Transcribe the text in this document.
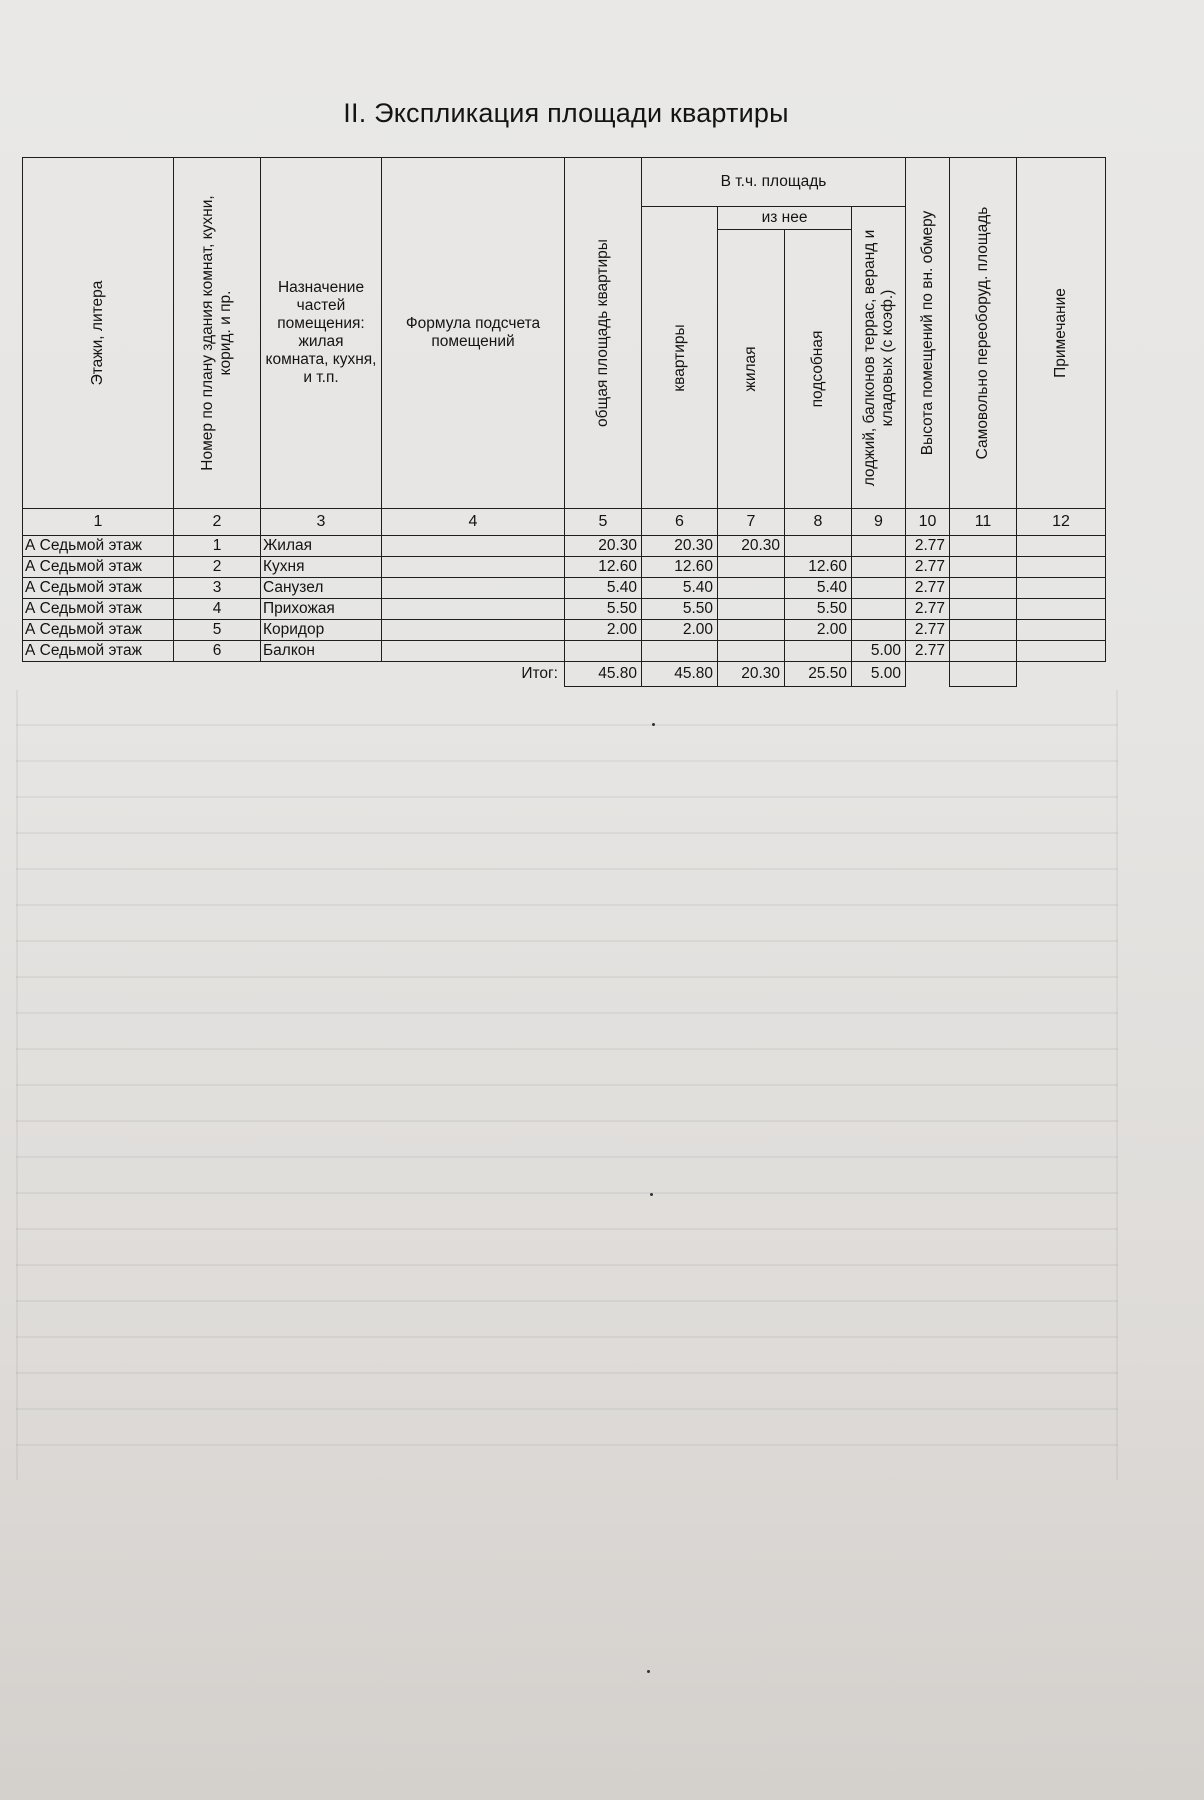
II. Экспликация площади квартиры
Этажи, литера	Номер по плану здания комнат, кухни, корид. и пр.	Назначение частей помещения: жилая комната, кухня, и т.п.	Формула подсчета помещений	общая площадь квартиры	В т.ч. площадь				Высота помещений по вн. обмеру	Самовольно переоборуд. площадь	Примечание

					квартиры	из нее		лоджий, балконов террас, веранд и кладовых (с коэф.)			

						жилая	подсобная				

1	2	3	4	5	6	7	8	9	10	11	12
А Седьмой этаж	1	Жилая		20.30	20.30	20.30			2.77		
А Седьмой этаж	2	Кухня		12.60	12.60		12.60		2.77		
А Седьмой этаж	3	Санузел		5.40	5.40		5.40		2.77		
А Седьмой этаж	4	Прихожая		5.50	5.50		5.50		2.77		
А Седьмой этаж	5	Коридор		2.00	2.00		2.00		2.77		
А Седьмой этаж	6	Балкон						5.00	2.77		
			Итог:	45.80	45.80	20.30	25.50	5.00			
